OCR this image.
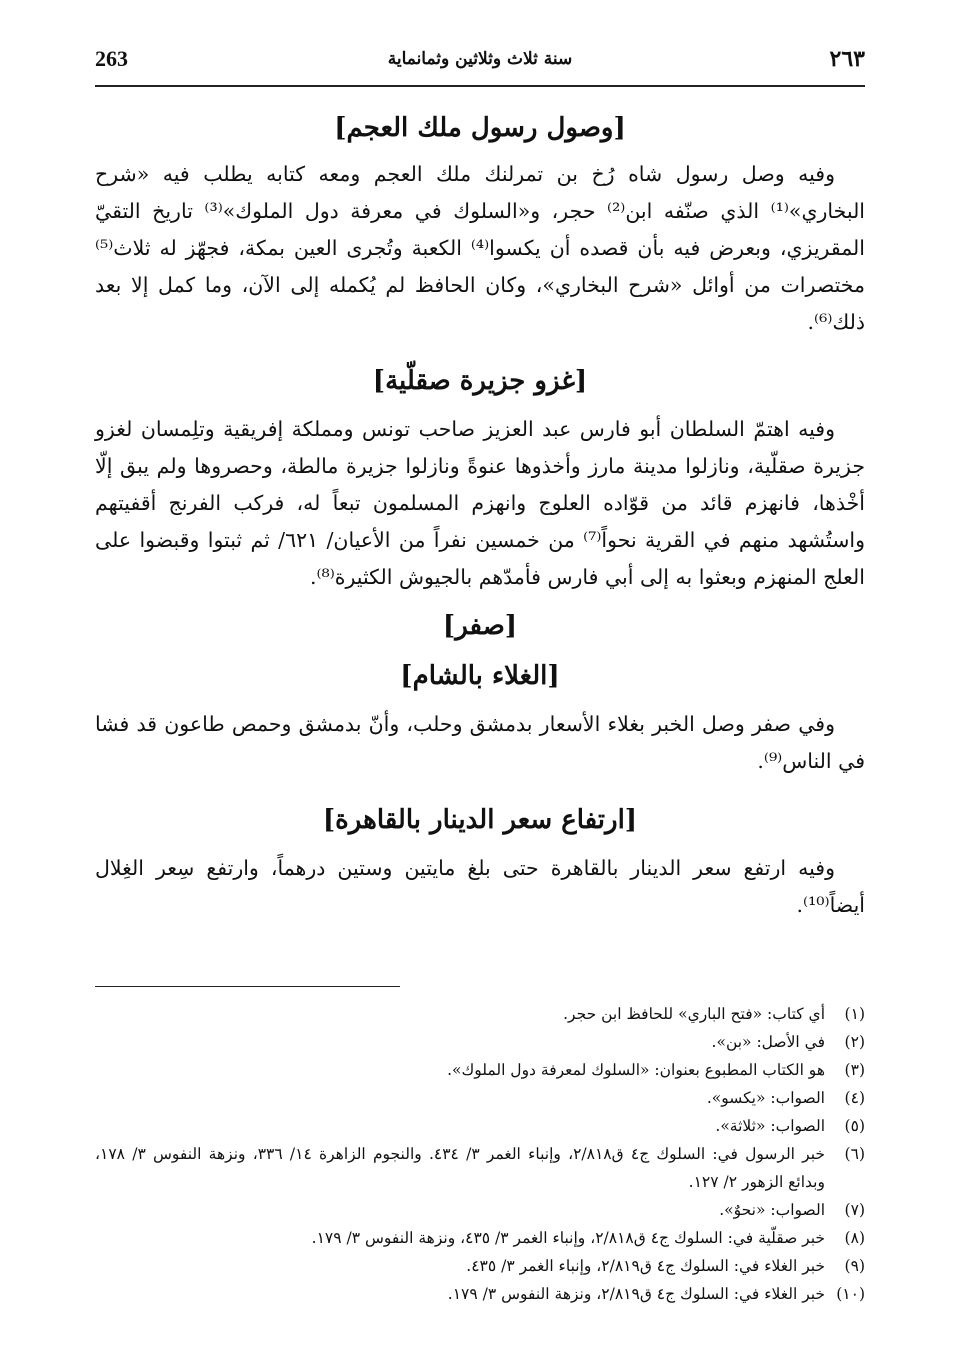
٢٦٣
سنة ثلاث وثلاثين وثمانماية
263
[وصول رسول ملك العجم]

وفيه وصل رسول شاه رُخ بن تمرلنك ملك العجم ومعه كتابه يطلب فيه «شرح البخاري»⁽¹⁾ الذي صنّفه ابن⁽²⁾ حجر، و«السلوك في معرفة دول الملوك»⁽³⁾ تاريخ التقيّ المقريزي، وبعرض فيه بأن قصده أن يكسوا⁽⁴⁾ الكعبة وتُجرى العين بمكة، فجهّز له ثلاث⁽⁵⁾ مختصرات من أوائل «شرح البخاري»، وكان الحافظ لم يُكمله إلى الآن، وما كمل إلا بعد ذلك⁽⁶⁾.

[غزو جزيرة صقلّية]

وفيه اهتمّ السلطان أبو فارس عبد العزيز صاحب تونس ومملكة إفريقية وتلِمسان لغزو جزيرة صقلّية، ونازلوا مدينة مارز وأخذوها عنوةً ونازلوا جزيرة مالطة، وحصروها ولم يبق إلّا أخْذها، فانهزم قائد من قوّاده العلوج وانهزم المسلمون تبعاً له، فركب الفرنج أقفيتهم واستُشهد منهم في القرية نحواً⁽⁷⁾ من خمسين نفراً من الأعيان/ ٦٢١/ ثم ثبتوا وقبضوا على العلج المنهزم وبعثوا به إلى أبي فارس فأمدّهم بالجيوش الكثيرة⁽⁸⁾.

[صفر]
[الغلاء بالشام]

وفي صفر وصل الخبر بغلاء الأسعار بدمشق وحلب، وأنّ بدمشق وحمص طاعون قد فشا في الناس⁽⁹⁾.

[ارتفاع سعر الدينار بالقاهرة]

وفيه ارتفع سعر الدينار بالقاهرة حتى بلغ مايتين وستين درهماً، وارتفع سِعر الغِلال أيضاً⁽¹⁰⁾.

(١)
أي كتاب: «فتح الباري» للحافظ ابن حجر.
(٢)
في الأصل: «بن».
(٣)
هو الكتاب المطبوع بعنوان: «السلوك لمعرفة دول الملوك».
(٤)
الصواب: «يكسو».
(٥)
الصواب: «ثلاثة».
(٦)
خبر الرسول في: السلوك ج٤ ق٢/٨١٨، وإنباء الغمر ٣/ ٤٣٤. والنجوم الزاهرة ١٤/ ٣٣٦، ونزهة النفوس ٣/ ١٧٨، وبدائع الزهور ٢/ ١٢٧.
(٧)
الصواب: «نحوٌ».
(٨)
خبر صقلّية في: السلوك ج٤ ق٢/٨١٨، وإنباء الغمر ٣/ ٤٣٥، ونزهة النفوس ٣/ ١٧٩.
(٩)
خبر الغلاء في: السلوك ج٤ ق٢/٨١٩، وإنباء الغمر ٣/ ٤٣٥.
(١٠)
خبر الغلاء في: السلوك ج٤ ق٢/٨١٩، ونزهة النفوس ٣/ ١٧٩.
